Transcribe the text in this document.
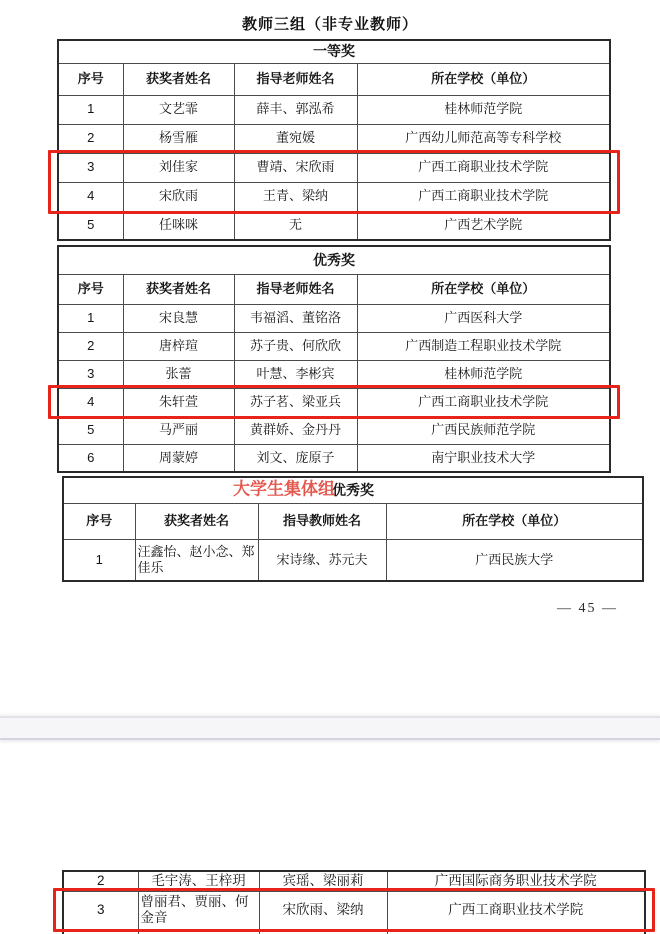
教师三组（非专业教师）
一等奖			
序号	获奖者姓名	指导老师姓名	所在学校（单位）
1	文艺霏	薛丰、郭泓希	桂林师范学院
2	杨雪雁	董宛媛	广西幼儿师范高等专科学校
3	刘佳家	曹靖、宋欣雨	广西工商职业技术学院
4	宋欣雨	王青、梁纳	广西工商职业技术学院
5	任咪咪	无	广西艺术学院
优秀奖			
序号	获奖者姓名	指导老师姓名	所在学校（单位）
1	宋良慧	韦福滔、董铭洛	广西医科大学
2	唐梓瑄	苏子贵、何欣欣	广西制造工程职业技术学院
3	张蕾	叶慧、李彬宾	桂林师范学院
4	朱轩萱	苏子茗、梁亚兵	广西工商职业技术学院
5	马严丽	黄群娇、金丹丹	广西民族师范学院
6	周蒙婷	刘文、庞原子	南宁职业技术大学
大学生集体组
优秀奖			
序号	获奖者姓名	指导教师姓名	所在学校（单位）
1	汪鑫怡、赵小念、郑佳乐	宋诗缘、苏元夫	广西民族大学
— 45 —
2	毛宇涛、王梓玥	宾瑶、梁丽莉	广西国际商务职业技术学院
3	曾丽君、贾丽、何金音	宋欣雨、梁纳	广西工商职业技术学院
